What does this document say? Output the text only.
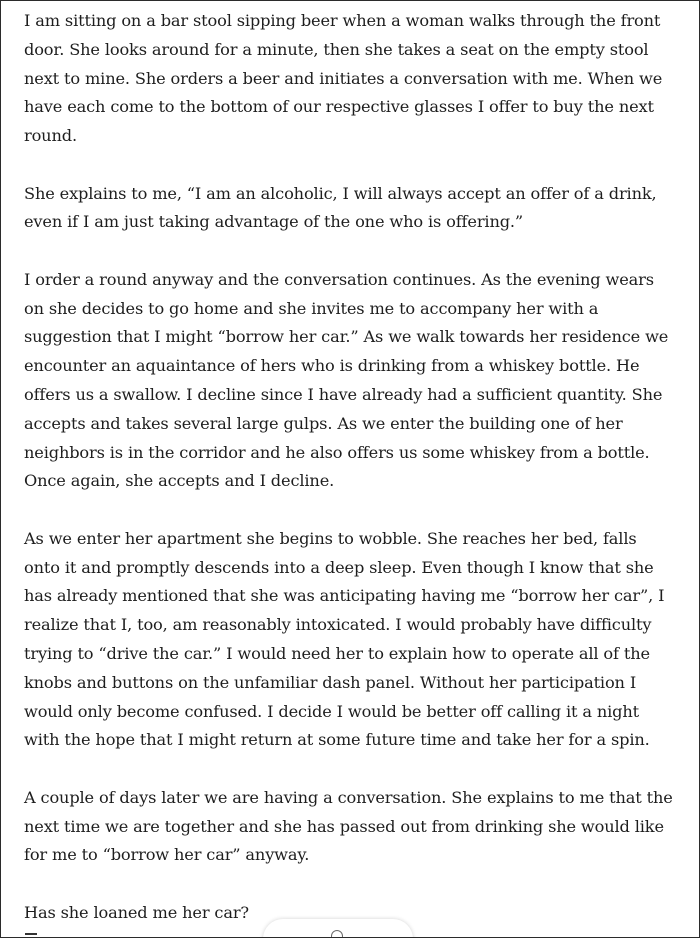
I am sitting on a bar stool sipping beer when a woman walks through the front door. She looks around for a minute, then she takes a seat on the empty stool next to mine. She orders a beer and initiates a conversation with me. When we have each come to the bottom of our respective glasses I offer to buy the next round.

She explains to me, “I am an alcoholic, I will always accept an offer of a drink, even if I am just taking advantage of the one who is offering.”

I order a round anyway and the conversation continues. As the evening wears on she decides to go home and she invites me to accompany her with a suggestion that I might “borrow her car.” As we walk towards her residence we encounter an aquaintance of hers who is drinking from a whiskey bottle. He offers us a swallow. I decline since I have already had a sufficient quantity. She accepts and takes several large gulps. As we enter the building one of her neighbors is in the corridor and he also offers us some whiskey from a bottle. Once again, she accepts and I decline.

As we enter her apartment she begins to wobble. She reaches her bed, falls onto it and promptly descends into a deep sleep. Even though I know that she has already mentioned that she was anticipating having me “borrow her car”, I realize that I, too, am reasonably intoxicated. I would probably have difficulty trying to “drive the car.” I would need her to explain how to operate all of the knobs and buttons on the unfamiliar dash panel. Without her participation I would only become confused. I decide I would be better off calling it a night with the hope that I might return at some future time and take her for a spin.

A couple of days later we are having a conversation. She explains to me that the next time we are together and she has passed out from drinking she would like for me to “borrow her car” anyway.

Has she loaned me her car?
